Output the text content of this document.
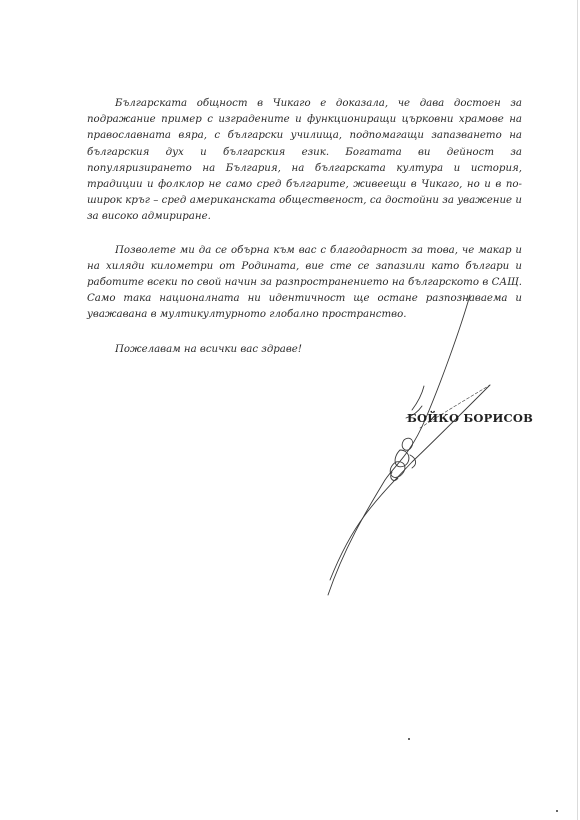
Българската общност в Чикаго е доказала, че дава достоен за подражание пример с изградените и функциониращи църковни храмове на православната вяра, с български училища, подпомагащи запазването на българския дух и българския език. Богатата ви дейност за популяризирането на България, на българската култура и история, традиции и фолклор не само сред българите, живеещи в Чикаго, но и в по-широк кръг – сред американската общественост, са достойни за уважение и за високо адмириране.

Позволете ми да се обърна към вас с благодарност за това, че макар и на хиляди километри от Родината, вие сте се запазили като българи и работите всеки по свой начин за разпространението на българското в САЩ. Само така националната ни идентичност ще остане разпознаваема и уважавана в мултикултурното глобално пространство.

Пожелавам на всички вас здраве!

БОЙКО БОРИСОВ
